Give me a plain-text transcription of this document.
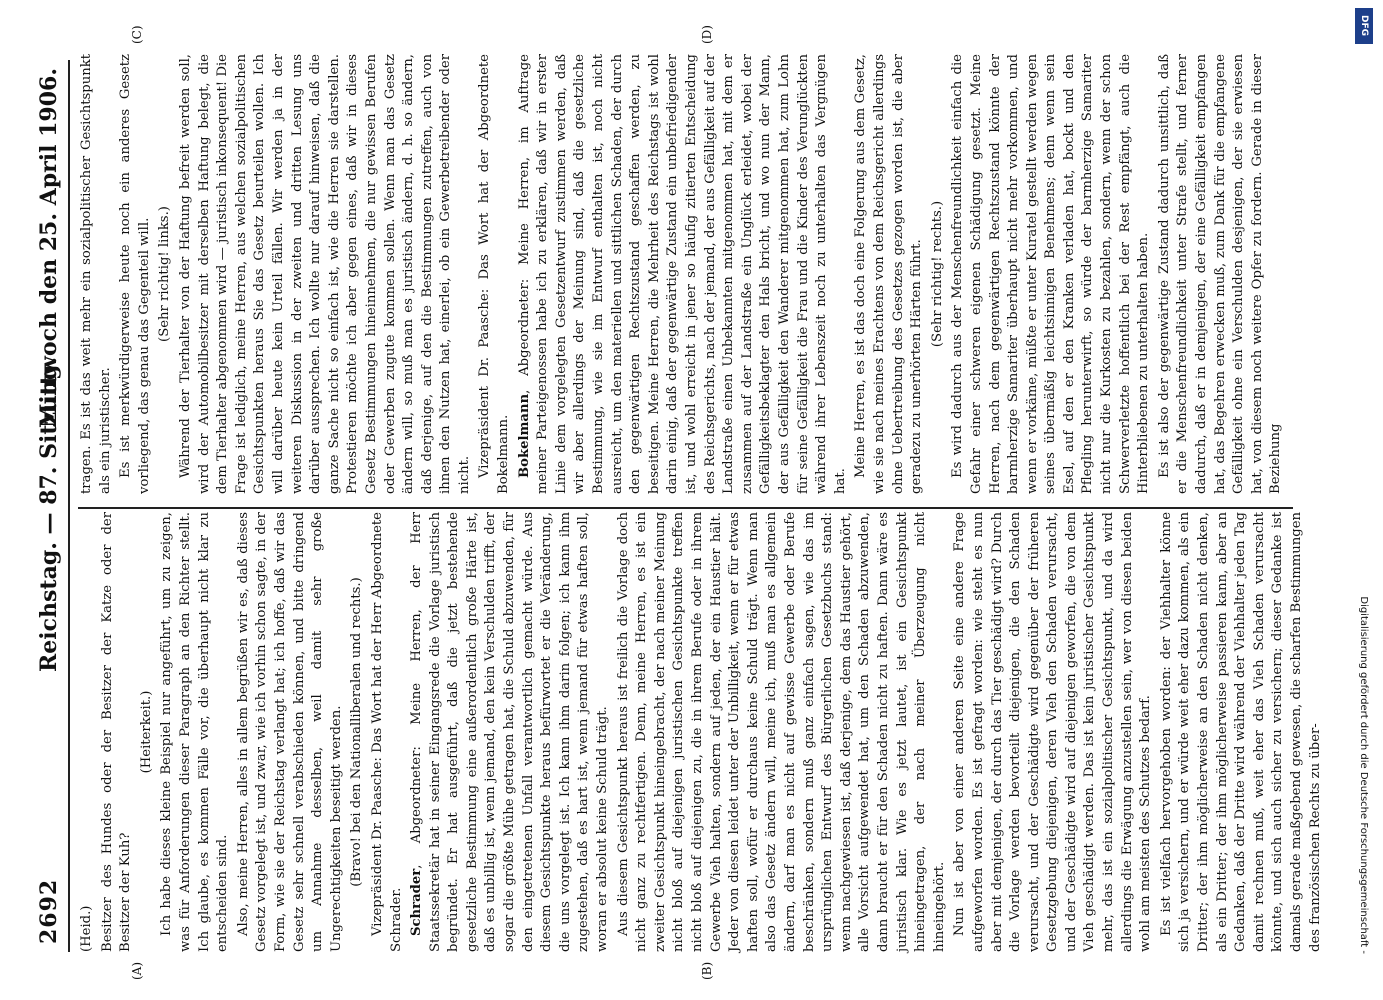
2692
Reichstag. — 87. Sitzung.
Mittwoch den 25. April 1906.

(Heid.) Besitzer des Hundes oder der Besitzer der Katze oder der Besitzer der Kuh?

(Heiterkeit.) Ich habe dieses kleine Beispiel nur angeführt, um zu zeigen, was für Anforderungen dieser Paragraph an den Richter stellt. Ich glaube, es kommen Fälle vor, die überhaupt nicht klar zu entscheiden sind. Also, meine Herren, alles in allem begrüßen wir es, daß dieses Gesetz vorgelegt ist, und zwar, wie ich vorhin schon sagte, in der Form, wie sie der Reichstag verlangt hat; ich hoffe, daß wir das Gesetz sehr schnell verabschieden können, und bitte dringend um Annahme desselben, weil damit sehr große Ungerechtigkeiten beseitigt werden. (Bravo! bei den Nationalliberalen und rechts.) Vizepräsident Dr. Paasche: Das Wort hat der Herr Abgeordnete Schrader. Schrader, Abgeordneter: Meine Herren, der Herr Staatssekretär hat in seiner Eingangsrede die Vorlage juristisch begründet. Er hat ausgeführt, daß die jetzt bestehende gesetzliche Bestimmung eine außerordentlich große Härte ist, daß es unbillig ist, wenn jemand, den kein Verschulden trifft, der sogar die größte Mühe getragen hat, die Schuld abzuwenden, für den eingetretenen Unfall verantwortlich gemacht würde. Aus diesem Gesichtspunkte heraus befürwortet er die Veränderung, die uns vorgelegt ist. Ich kann ihm darin folgen; ich kann ihm zugestehen, daß es hart ist, wenn jemand für etwas haften soll, woran er absolut keine Schuld trägt. Aus diesem Gesichtspunkt heraus ist freilich die Vorlage doch nicht ganz zu rechtfertigen. Denn, meine Herren, es ist ein zweiter Gesichtspunkt hineingebracht, der nach meiner Meinung nicht bloß auf diejenigen juristischen Gesichtspunkte treffen nicht bloß auf diejenigen zu, die in ihrem Berufe oder in ihrem Gewerbe Vieh halten, sondern auf jeden, der ein Haustier hält. Jeder von diesen leidet unter der Unbilligkeit, wenn er für etwas haften soll, wofür er durchaus keine Schuld trägt. Wenn man also das Gesetz ändern will, meine ich, muß man es allgemein ändern, darf man es nicht auf gewisse Gewerbe oder Berufe beschränken, sondern muß ganz einfach sagen, wie das im ursprünglichen Entwurf des Bürgerlichen Gesetzbuchs stand: wenn nachgewiesen ist, daß derjenige, dem das Haustier gehört, alle Vorsicht aufgewendet hat, um den Schaden abzuwenden, dann braucht er für den Schaden nicht zu haften. Dann wäre es juristisch klar. Wie es jetzt lautet, ist ein Gesichtspunkt hineingetragen, der nach meiner Überzeugung nicht hineingehört. Nun ist aber von einer anderen Seite eine andere Frage aufgeworfen worden. Es ist gefragt worden: wie steht es nun aber mit demjenigen, der durch das Tier geschädigt wird? Durch die Vorlage werden bevorteilt diejenigen, die den Schaden verursacht, und der Geschädigte wird gegenüber der früheren Gesetzgebung diejenigen, deren Vieh den Schaden verursacht, und der Geschädigte wird auf diejenigen geworfen, die von dem Vieh geschädigt werden. Das ist kein juristischer Gesichtspunkt mehr, das ist ein sozialpolitischer Gesichtspunkt, und da wird allerdings die Erwägung anzustellen sein, wer von diesen beiden wohl am meisten des Schutzes bedarf. Es ist vielfach hervorgehoben worden: der Viehhalter könne sich ja versichern, und er würde weit eher dazu kommen, als ein Dritter; der ihm möglicherweise an den Schaden nicht denken, als ein Dritter; der ihm möglicherweise passieren kann, aber an Gedanken, daß der Dritte wird während der Viehhalter jeden Tag damit rechnen muß, weit eher das Vieh Schaden verursacht könnte, und sich auch sicher zu versichern; dieser Gedanke ist damals gerade maßgebend gewesen, die scharfen Bestimmungen des französischen Rechts zu über-

tragen. Es ist das weit mehr ein sozialpolitischer Gesichtspunkt als ein juristischer. Es ist merkwürdigerweise heute noch ein anderes Gesetz vorliegend, das genau das Gegenteil will. (Sehr richtig! links.) Während der Tierhalter von der Haftung befreit werden soll, wird der Automobilbesitzer mit derselben Haftung belegt, die dem Tierhalter abgenommen wird — juristisch inkonsequent! Die Frage ist lediglich, meine Herren, aus welchen sozialpolitischen Gesichtspunkten heraus Sie das Gesetz beurteilen wollen. Ich will darüber heute kein Urteil fällen. Wir werden ja in der weiteren Diskussion in der zweiten und dritten Lesung uns darüber aussprechen. Ich wollte nur darauf hinweisen, daß die ganze Sache nicht so einfach ist, wie die Herren sie darstellen. Protestieren möchte ich aber gegen eines, daß wir in dieses Gesetz Bestimmungen hineinnehmen, die nur gewissen Berufen oder Gewerben zugute kommen sollen. Wenn man das Gesetz ändern will, so muß man es juristisch ändern, d. h. so ändern, daß derjenige, auf den die Bestimmungen zutreffen, auch von ihnen den Nutzen hat, einerlei, ob ein Gewerbetreibender oder nicht. Vizepräsident Dr. Paasche: Das Wort hat der Abgeordnete Bokelmann. Bokelmann, Abgeordneter: Meine Herren, im Auftrage meiner Parteigenossen habe ich zu erklären, daß wir in erster Linie dem vorgelegten Gesetzentwurf zustimmen werden, daß wir aber allerdings der Meinung sind, daß die gesetzliche Bestimmung, wie sie im Entwurf enthalten ist, noch nicht ausreicht, um den materiellen und sittlichen Schaden, der durch den gegenwärtigen Rechtszustand geschaffen werden, zu beseitigen. Meine Herren, die Mehrheit des Reichstags ist wohl darin einig, daß der gegenwärtige Zustand ein unbefriedigender ist, und wohl erreicht in jener so häufig zitierten Entscheidung des Reichsgerichts, nach der jemand, der aus Gefälligkeit auf der Landstraße einen Unbekannten mitgenommen hat, mit dem er zusammen auf der Landstraße ein Unglück erleidet, wobei der Gefälligkeitsbeklagter den Hals bricht, und wo nun der Mann, der aus Gefälligkeit den Wanderer mitgenommen hat, zum Lohn für seine Gefälligkeit die Frau und die Kinder des Verunglückten während ihrer Lebenszeit noch zu unterhalten das Vergnügen hat.

Meine Herren, es ist das doch eine Folgerung aus dem Gesetz, wie sie nach meines Erachtens von dem Reichsgericht allerdings ohne Uebertreibung des Gesetzes gezogen worden ist, die aber geradezu zu unerhörten Härten führt. (Sehr richtig! rechts.) Es wird dadurch aus der Menschenfreundlichkeit einfach die Gefahr einer schweren eigenen Schädigung gesetzt. Meine Herren, nach dem gegenwärtigen Rechtszustand könnte der barmherzige Samariter überhaupt nicht mehr vorkommen, und wenn er vorkäme, müßte er unter Kuratel gestellt werden wegen seines übermäßig leichtsinnigen Benehmens; denn wenn sein Esel, auf den er den Kranken verladen hat, bockt und den Pflegling herunterwirft, so würde der barmherzige Samariter nicht nur die Kurkosten zu bezahlen, sondern, wenn der schon Schwerverletzte hoffentlich bei der Rest empfängt, auch die Hinterbliebenen zu unterhalten haben. Es ist also der gegenwärtige Zustand dadurch unsittlich, daß er die Menschenfreundlichkeit unter Strafe stellt, und ferner dadurch, daß er in demjenigen, der eine Gefälligkeit empfangen hat, das Begehren erwecken muß, zum Dank für die empfangene Gefälligkeit ohne ein Verschulden desjenigen, der sie erwiesen hat, von diesem noch weitere Opfer zu fordern. Gerade in dieser Beziehung

(A)	(B)
(C)	(D)	DFG
Digitalisierung gefördert durch die Deutsche Forschungsgemeinschaft -
